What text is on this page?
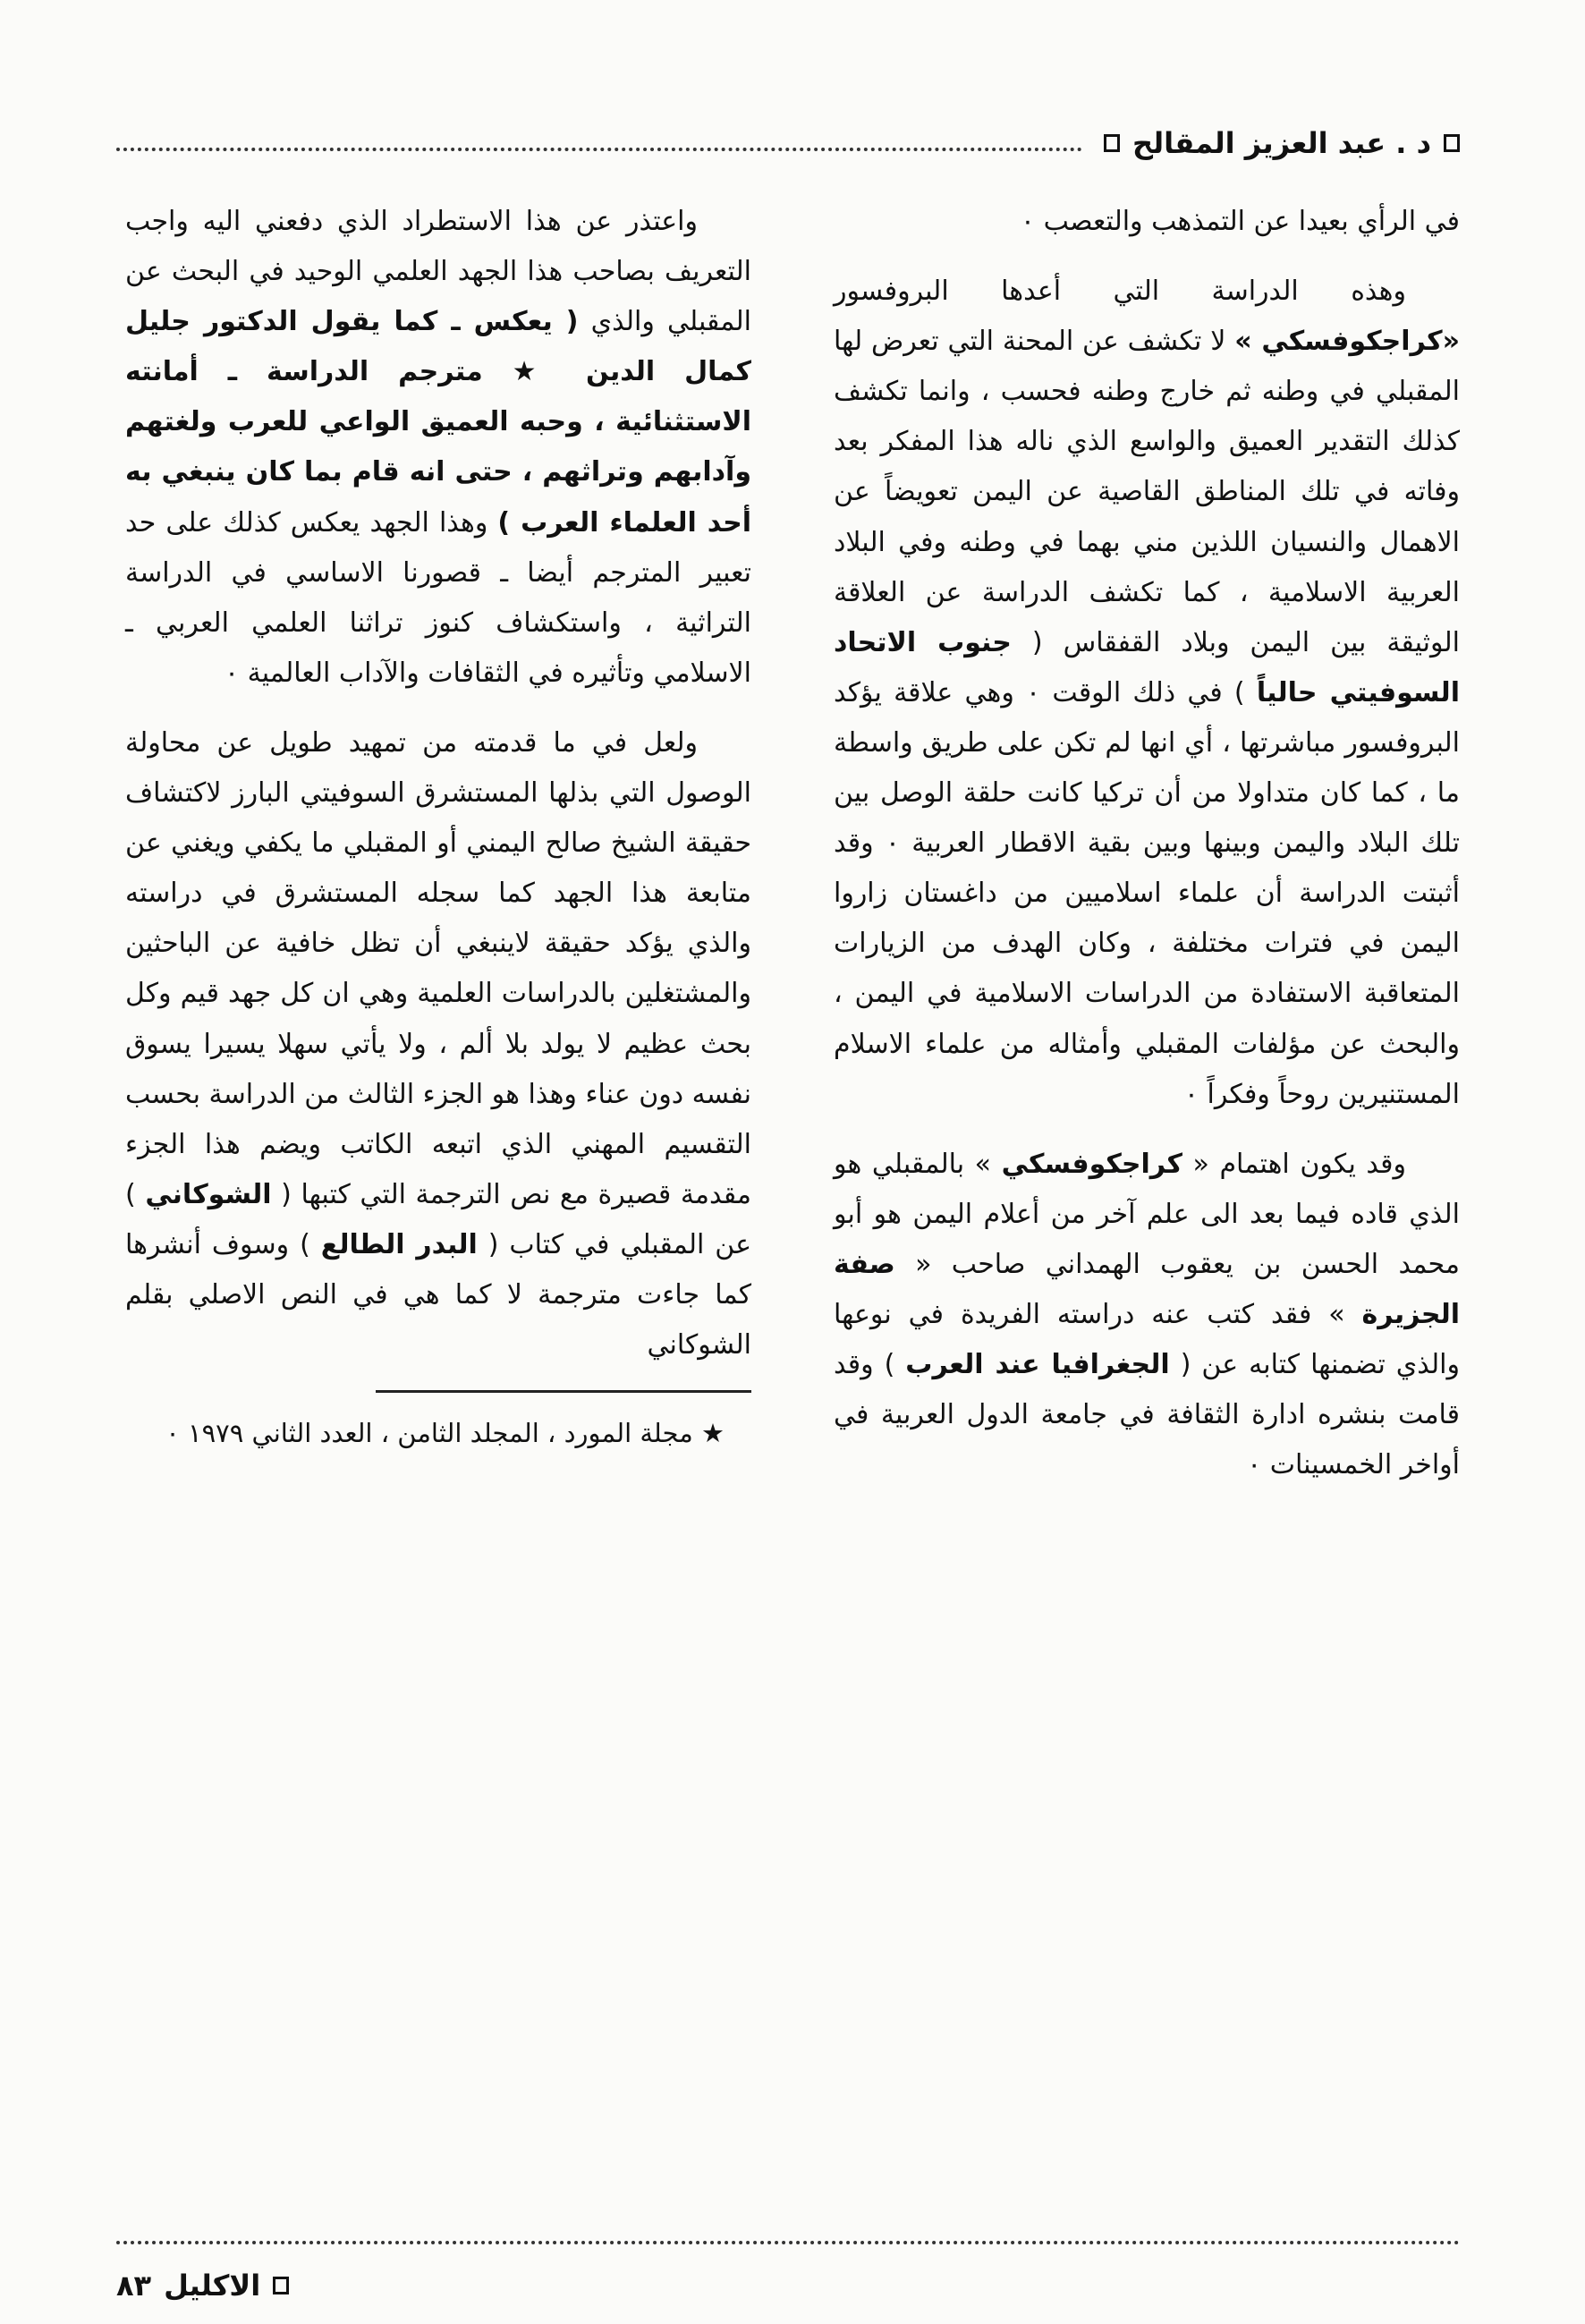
د . عبد العزيز المقالح

في الرأي بعيدا عن التمذهب والتعصب ٠

وهذه الدراسة التي أعدها البروفسور «كراجكوفسكي » لا تكشف عن المحنة التي تعرض لها المقبلي في وطنه ثم خارج وطنه فحسب ، وانما تكشف كذلك التقدير العميق والواسع الذي ناله هذا المفكر بعد وفاته في تلك المناطق القاصية عن اليمن تعويضاً عن الاهمال والنسيان اللذين مني بهما في وطنه وفي البلاد العربية الاسلامية ، كما تكشف الدراسة عن العلاقة الوثيقة بين اليمن وبلاد القفقاس ( جنوب الاتحاد السوفيتي حالياً ) في ذلك الوقت ٠ وهي علاقة يؤكد البروفسور مباشرتها ، أي انها لم تكن على طريق واسطة ما ، كما كان متداولا من أن تركيا كانت حلقة الوصل بين تلك البلاد واليمن وبينها وبين بقية الاقطار العربية ٠ وقد أثبتت الدراسة أن علماء اسلاميين من داغستان زاروا اليمن في فترات مختلفة ، وكان الهدف من الزيارات المتعاقبة الاستفادة من الدراسات الاسلامية في اليمن ، والبحث عن مؤلفات المقبلي وأمثاله من علماء الاسلام المستنيرين روحاً وفكراً ٠

وقد يكون اهتمام « كراجكوفسكي » بالمقبلي هو الذي قاده فيما بعد الى علم آخر من أعلام اليمن هو أبو محمد الحسن بن يعقوب الهمداني صاحب « صفة الجزيرة » فقد كتب عنه دراسته الفريدة في نوعها والذي تضمنها كتابه عن ( الجغرافيا عند العرب ) وقد قامت بنشره ادارة الثقافة في جامعة الدول العربية في أواخر الخمسينات ٠

واعتذر عن هذا الاستطراد الذي دفعني اليه واجب التعريف بصاحب هذا الجهد العلمي الوحيد في البحث عن المقبلي والذي ( يعكس ـ كما يقول الدكتور جليل كمال الدين ★ مترجم الدراسة ـ أمانته الاستثنائية ، وحبه العميق الواعي للعرب ولغتهم وآدابهم وتراثهم ، حتى انه قام بما كان ينبغي به أحد العلماء العرب ) وهذا الجهد يعكس كذلك على حد تعبير المترجم أيضا ـ قصورنا الاساسي في الدراسة التراثية ، واستكشاف كنوز تراثنا العلمي العربي ـ الاسلامي وتأثيره في الثقافات والآداب العالمية ٠

ولعل في ما قدمته من تمهيد طويل عن محاولة الوصول التي بذلها المستشرق السوفيتي البارز لاكتشاف حقيقة الشيخ صالح اليمني أو المقبلي ما يكفي ويغني عن متابعة هذا الجهد كما سجله المستشرق في دراسته والذي يؤكد حقيقة لاينبغي أن تظل خافية عن الباحثين والمشتغلين بالدراسات العلمية وهي ان كل جهد قيم وكل بحث عظيم لا يولد بلا ألم ، ولا يأتي سهلا يسيرا يسوق نفسه دون عناء وهذا هو الجزء الثالث من الدراسة بحسب التقسيم المهني الذي اتبعه الكاتب ويضم هذا الجزء مقدمة قصيرة مع نص الترجمة التي كتبها ( الشوكاني ) عن المقبلي في كتاب ( البدر الطالع ) وسوف أنشرها كما جاءت مترجمة لا كما هي في النص الاصلي بقلم الشوكاني

★ مجلة المورد ، المجلد الثامن ، العدد الثاني ١٩٧٩ ٠
الاكليل
٨٣
